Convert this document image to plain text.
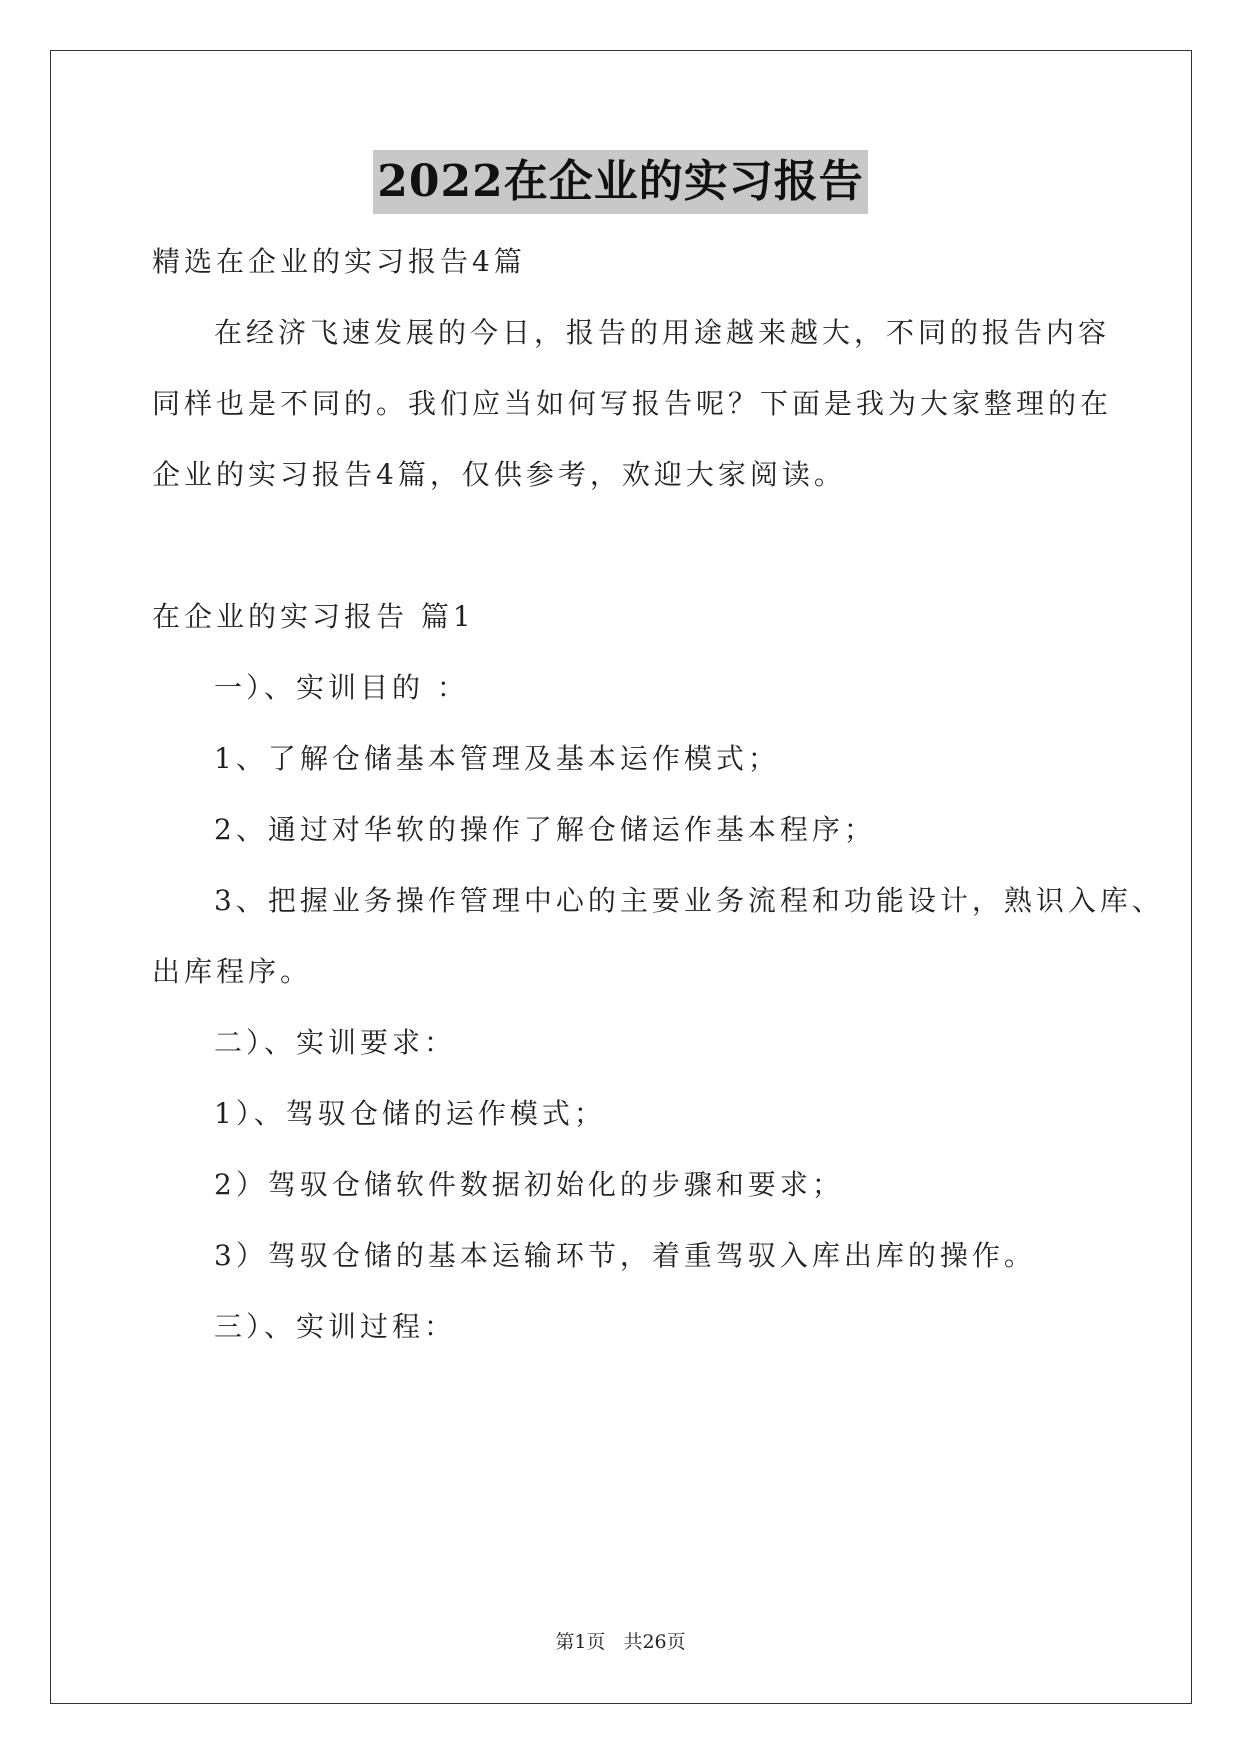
2022在企业的实习报告
精选在企业的实习报告4篇
在经济飞速发展的今日，报告的用途越来越大，不同的报告内容
同样也是不同的。我们应当如何写报告呢？下面是我为大家整理的在
企业的实习报告4篇，仅供参考，欢迎大家阅读。
在企业的实习报告 篇1
一）、实训目的 ：
1、了解仓储基本管理及基本运作模式；
2、通过对华软的操作了解仓储运作基本程序；
3、把握业务操作管理中心的主要业务流程和功能设计，熟识入库、
出库程序。
二）、实训要求：
1）、驾驭仓储的运作模式；
2）驾驭仓储软件数据初始化的步骤和要求；
3）驾驭仓储的基本运输环节，着重驾驭入库出库的操作。
三）、实训过程：
第1页 共26页
